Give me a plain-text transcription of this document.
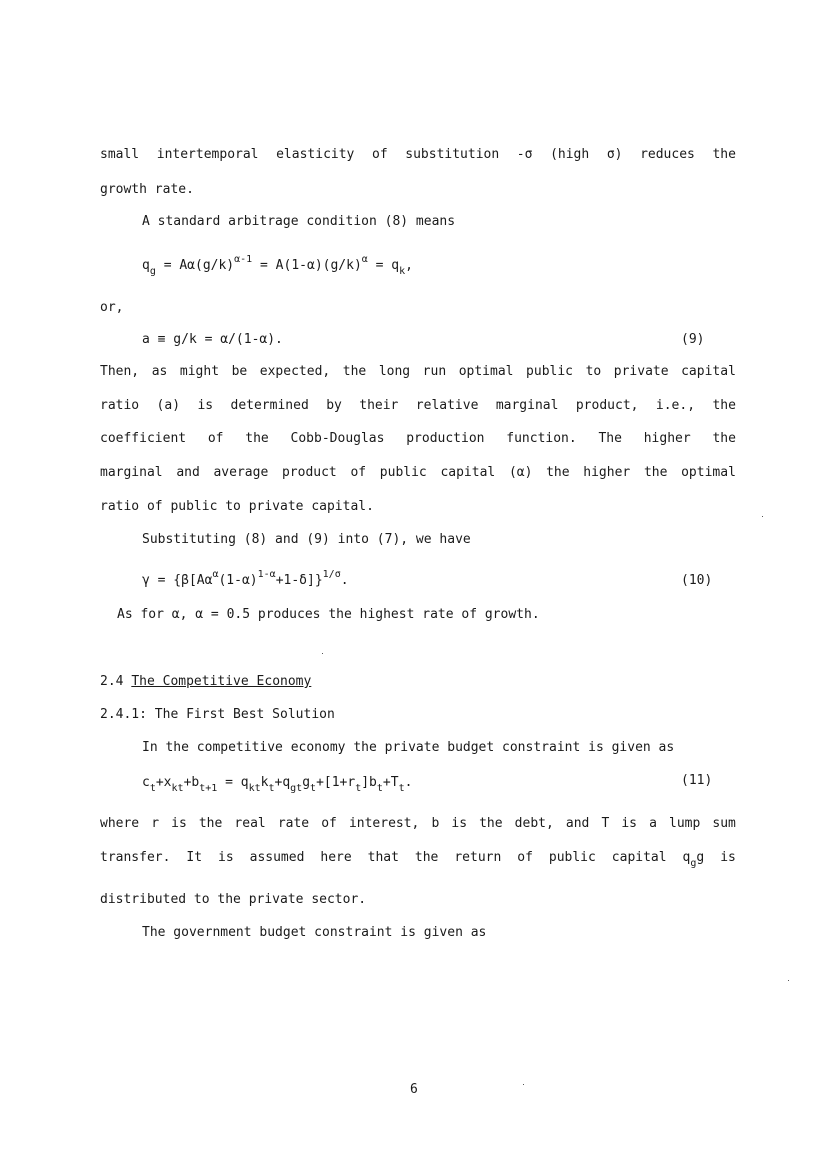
small intertemporal elasticity of substitution -σ (high σ) reduces the
growth rate.
A standard arbitrage condition (8) means
$q_g = A\alpha(g/k)^{\alpha-1} = A(1-\alpha)(g/k)^\alpha = q_k$,
or,
a ≡ g/k = α/(1-α).	(9)
Then, as might be expected, the long run optimal public to private capital
ratio (a) is determined by their relative marginal product, i.e., the
coefficient of the Cobb-Douglas production function. The higher the
marginal and average product of public capital (α) the higher the optimal
ratio of public to private capital.
Substituting (8) and (9) into (7), we have
$\gamma = \{\beta[A\alpha^\alpha(1-\alpha)^{1-\alpha}+1-\delta]\}^{1/\sigma}$.	(10)
As for α, α = 0.5 produces the highest rate of growth.
2.4 The Competitive Economy
2.4.1: The First Best Solution
In the competitive economy the private budget constraint is given as
$c_t+x_{kt}+b_{t+1} = q_{kt}k_t+q_{gt}g_t+[1+r_t]b_t+T_t$.	(11)
where r is the real rate of interest, b is the debt, and T is a lump sum
transfer. It is assumed here that the return of public capital $q_gg$ is
distributed to the private sector.
The government budget constraint is given as
6
